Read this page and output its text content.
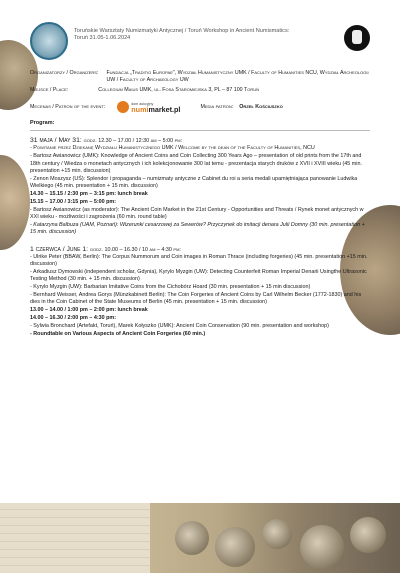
Toruńskie Warsztaty Numizmatyki Antycznej / Toruń Workshop in Ancient Numismatics:
Toruń 31.05-1.06.2024
Organizatorzy / Organizers: Fundacja „Traditio Europae”, Wydział Humanistyczny UMK / Faculty of Humanities NCU, Wydział Archeologii UW / Faculty of Archaeology UW
Miejsce / Place:	Collegium Maius UMK, ul. Fosa Staromiejska 3, PL – 87 100 Toruń
Mecenas / Patron of the event:	dom aukcyjny
numimarket.pl	Media patron: Orzeł Kościuszko
Program:
31 maja / May 31: godz. 12.30 – 17.00 / 12:30 am – 5:00 pm:
- Powitanie przez Dziekanę Wydziału Humanistycznego UMK / Welcome by the dean of the Faculty of Humanities, NCU
- Bartosz Awianowicz (UMK): Knowledge of Ancient Coins and Coin Collecting 300 Years Ago – presentation of old prints from the 17th and 18th century / Wiedza o monetach antycznych i ich kolekcjonowanie 300 lat temu - prezentacja starych druków z XVII i XVIII wieku (45 min. presentation +15 min. discussion)
- Zenon Moszysz (UŚ): Splendor i propaganda – numizmaty antyczne z Cabinet du roi a seria medali upamiętniająca panowanie Ludwika Wielkiego (45 min. presentation + 15 min. discussion)
14.30 – 15.15 / 2:30 pm – 3:15 pm: lunch break
15.15 – 17.00 / 3:15 pm – 5:00 pm:
- Bartosz Awianowicz (as moderator): The Ancient Coin Market in the 21st Century - Opportunities and Threats / Rynek monet antycznych w XXI wieku - możliwości i zagrożenia (60 min. round table)
- Katarzyna Balbuza (UAM, Poznań): Wizerunki cesarzowej za Sewerów? Przyczynek do imitacji denara Julii Domny (30 min. presentation + 15 min. discussion)
1 czerwca / June 1: godz. 10.00 – 16.30 / 10 am – 4:30 pm:
- Ulrike Peter (BBAW, Berlin): The Corpus Nummorum and Coin images in Roman Thrace (including forgeries) (45 min. presentation +15 min. discussion)
- Arkadiusz Dymowski (independent scholar, Gdynia), Kyrylo Myzgin (UW): Detecting Counterfeit Roman Imperial Denarii Usingthe Ultrasonic Testing Method (30 min. + 15 min. discussion)
- Kyrylo Myzgin (UW): Barbarian Imitative Coins from the Cichobórz Hoard (30 min. presentation + 15 min discussion)
- Bernhard Weisser, Andrea Gorys (Münzkabinett Berlin): The Coin Forgeries of Ancient Coins by Carl Wilhelm Becker (1772-1830) and his dies in the Coin Cabinet of the State Museums of Berlin (45 min. presentation + 15 min. discussion)
13.00 – 14.00 / 1:00 pm – 2:00 pm: lunch break
14.00 – 16.30 / 2:00 pm – 4:30 pm:
- Sylwia Bronchard (Artefakt, Toruń), Marek Kołyszko (UMK): Ancient Coin Conservation (90 min. presentation and workshop)
- Roundtable on Various Aspects of Ancient Coin Forgeries (60 min.)
